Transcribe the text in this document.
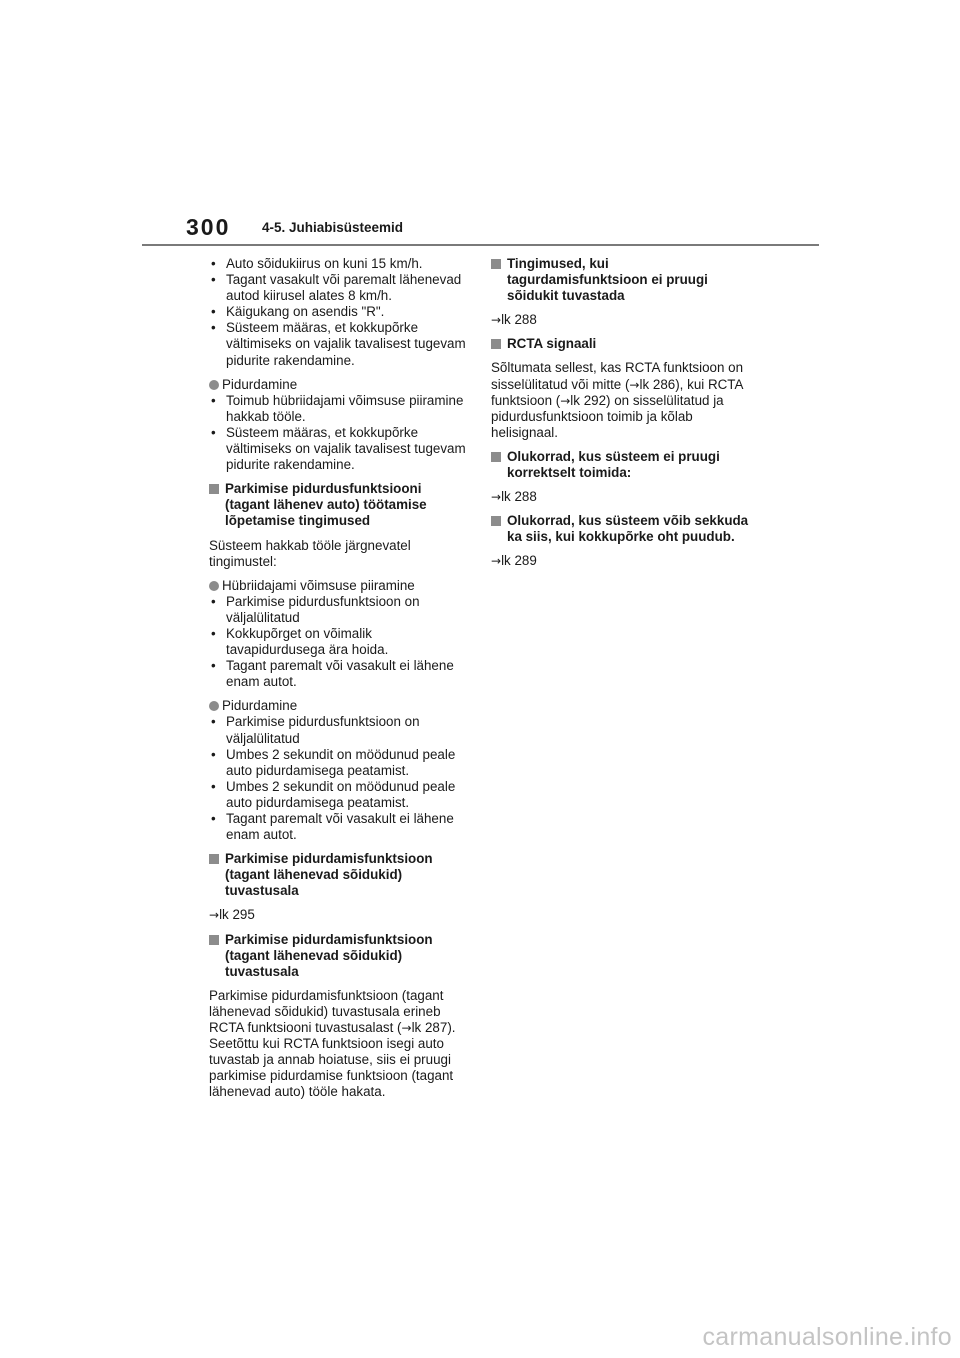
300 4-5. Juhiabisüsteemid
• Auto sõidukiirus on kuni 15 km/h.
• Tagant vasakult või paremalt lähenevad autod kiirusel alates 8 km/h.
• Käigukang on asendis "R".
• Süsteem määras, et kokkupõrke vältimiseks on vajalik tavalisest tugevam pidurite rakendamine.
Pidurdamine
• Toimub hübriidajami võimsuse piiramine hakkab tööle.
• Süsteem määras, et kokkupõrke vältimiseks on vajalik tavalisest tugevam pidurite rakendamine.
Parkimise pidurdusfunktsiooni (tagant lähenev auto) töötamise lõpetamise tingimused
Süsteem hakkab tööle järgnevatel tingimustel:
Hübriidajami võimsuse piiramine
• Parkimise pidurdusfunktsioon on väljalülitatud
• Kokkupõrget on võimalik tavapidurdusega ära hoida.
• Tagant paremalt või vasakult ei lähene enam autot.
Pidurdamine
• Parkimise pidurdusfunktsioon on väljalülitatud
• Umbes 2 sekundit on möödunud peale auto pidurdamisega peatamist.
• Umbes 2 sekundit on möödunud peale auto pidurdamisega peatamist.
• Tagant paremalt või vasakult ei lähene enam autot.
Parkimise pidurdamisfunktsioon (tagant lähenevad sõidukid) tuvastusala
→lk 295
Parkimise pidurdamisfunktsioon (tagant lähenevad sõidukid) tuvastusala
Parkimise pidurdamisfunktsioon (tagant lähenevad sõidukid) tuvastusala erineb RCTA funktsiooni tuvastusalast (→lk 287). Seetõttu kui RCTA funktsioon isegi auto tuvastab ja annab hoiatuse, siis ei pruugi parkimise pidurdamise funktsioon (tagant lähenevad auto) tööle hakata.
Tingimused, kui tagurdamisfunktsioon ei pruugi sõidukit tuvastada
→lk 288
RCTA signaali
Sõltumata sellest, kas RCTA funktsioon on sisselülitatud või mitte (→lk 286), kui RCTA funktsioon (→lk 292) on sisselülitatud ja pidurdusfunktsioon toimib ja kõlab helisignaal.
Olukorrad, kus süsteem ei pruugi korrektselt toimida:
→lk 288
Olukorrad, kus süsteem võib sekkuda ka siis, kui kokkupõrke oht puudub.
→lk 289
carmanualsonline.info
